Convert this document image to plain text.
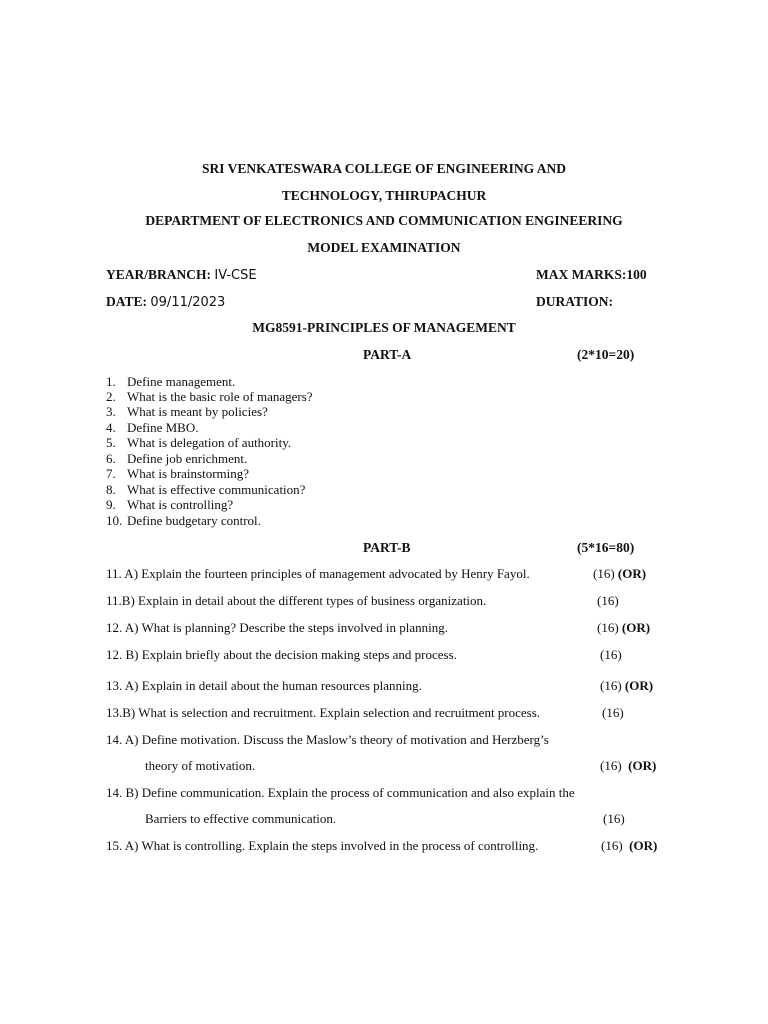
SRI VENKATESWARA COLLEGE OF ENGINEERING AND
TECHNOLOGY, THIRUPACHUR
DEPARTMENT OF ELECTRONICS AND COMMUNICATION ENGINEERING
MODEL EXAMINATION
YEAR/BRANCH: IV-CSE	MAX MARKS:100
DATE: 09/11/2023	DURATION:
MG8591-PRINCIPLES OF MANAGEMENT
PART-A	(2*10=20)
1. Define management.
2. What is the basic role of managers?
3. What is meant by policies?
4. Define MBO.
5. What is delegation of authority.
6. Define job enrichment.
7. What is brainstorming?
8. What is effective communication?
9. What is controlling?
10. Define budgetary control.
PART-B	(5*16=80)
11. A) Explain the fourteen principles of management advocated by Henry Fayol.	(16) (OR)
11.B) Explain in detail about the different types of business organization.	(16)
12. A) What is planning? Describe the steps involved in planning.	(16) (OR)
12. B) Explain briefly about the decision making steps and process.	(16)
13. A) Explain in detail about the human resources planning.	(16) (OR)
13.B) What is selection and recruitment. Explain selection and recruitment process.	(16)
14. A) Define motivation. Discuss the Maslow’s theory of motivation and Herzberg’s
theory of motivation.	(16) (OR)
14. B) Define communication. Explain the process of communication and also explain the
Barriers to effective communication.	(16)
15. A) What is controlling. Explain the steps involved in the process of controlling.	(16) (OR)
